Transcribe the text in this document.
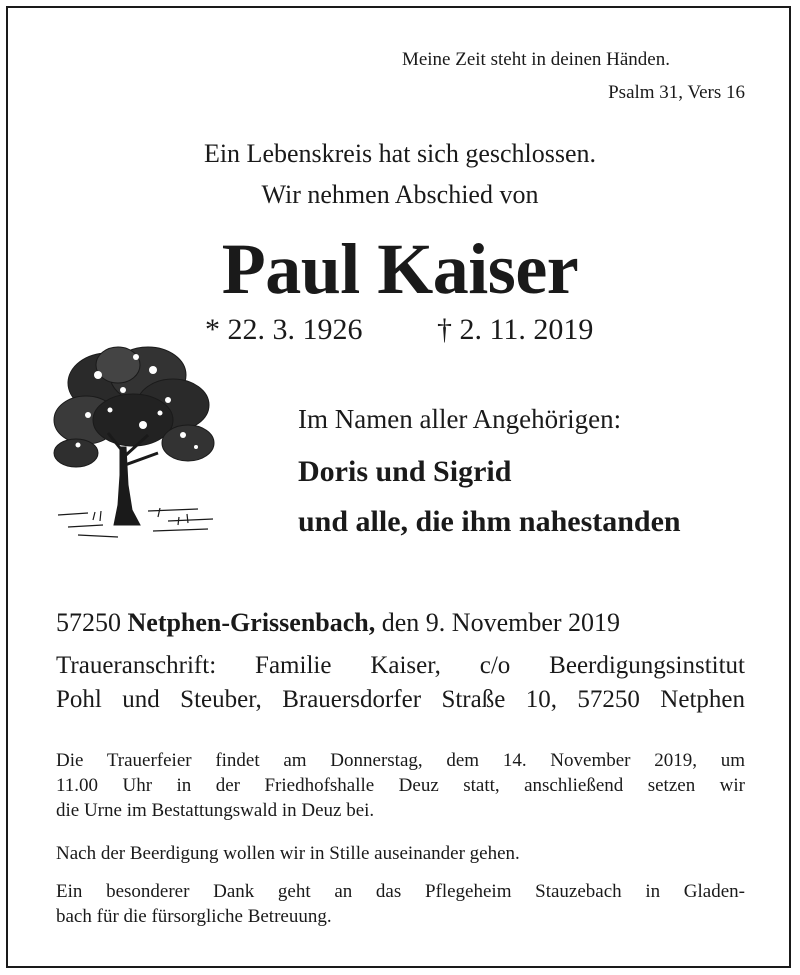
Meine Zeit steht in deinen Händen.
Psalm 31, Vers 16
Ein Lebenskreis hat sich geschlossen.
Wir nehmen Abschied von
Paul Kaiser
* 22. 3. 1926 † 2. 11. 2019
Im Namen aller Angehörigen:
Doris und Sigrid
und alle, die ihm nahestanden
57250 Netphen-Grissenbach, den 9. November 2019
Traueranschrift: Familie Kaiser, c/o Beerdigungsinstitut
Pohl und Steuber, Brauersdorfer Straße 10, 57250 Netphen
Die Trauerfeier findet am Donnerstag, dem 14. November 2019, um
11.00 Uhr in der Friedhofshalle Deuz statt, anschließend setzen wir
die Urne im Bestattungswald in Deuz bei.
Nach der Beerdigung wollen wir in Stille auseinander gehen.
Ein besonderer Dank geht an das Pflegeheim Stauzebach in Gladen-
bach für die fürsorgliche Betreuung.
